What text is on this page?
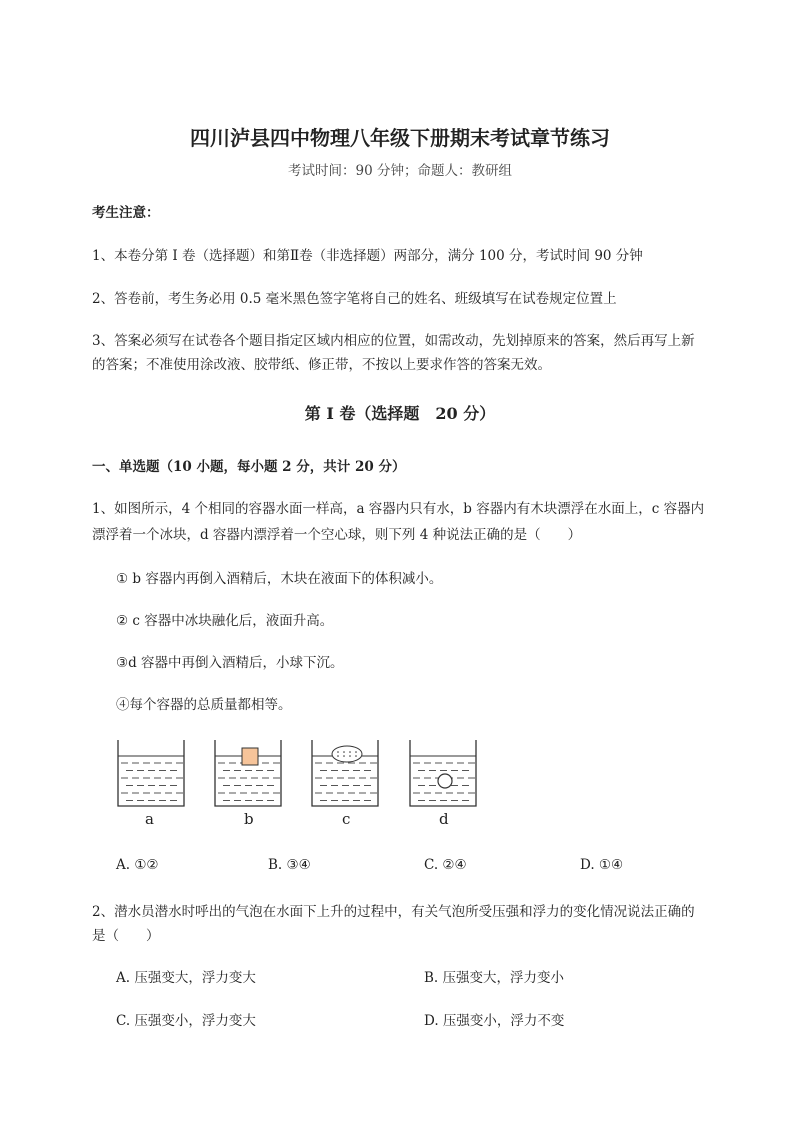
四川泸县四中物理八年级下册期末考试章节练习
考试时间：90 分钟；命题人：教研组
考生注意：
1、本卷分第 I 卷（选择题）和第Ⅱ卷（非选择题）两部分，满分 100 分，考试时间 90 分钟
2、答卷前，考生务必用 0.5 毫米黑色签字笔将自己的姓名、班级填写在试卷规定位置上
3、答案必须写在试卷各个题目指定区域内相应的位置，如需改动，先划掉原来的答案，然后再写上新
的答案；不准使用涂改液、胶带纸、修正带，不按以上要求作答的答案无效。
第 I 卷（选择题　20 分）
一、单选题（10 小题，每小题 2 分，共计 20 分）
1、如图所示，4 个相同的容器水面一样高，a 容器内只有水，b 容器内有木块漂浮在水面上，c 容器内
漂浮着一个冰块，d 容器内漂浮着一个空心球，则下列 4 种说法正确的是（　　）
① b 容器内再倒入酒精后，木块在液面下的体积减小。
② c 容器中冰块融化后，液面升高。
③d 容器中再倒入酒精后，小球下沉。
④每个容器的总质量都相等。
a	b	c	d
A. ①②	B. ③④	C. ②④	D. ①④
2、潜水员潜水时呼出的气泡在水面下上升的过程中，有关气泡所受压强和浮力的变化情况说法正确的
是（　　）
A. 压强变大，浮力变大	B. 压强变大，浮力变小
C. 压强变小，浮力变大	D. 压强变小，浮力不变
